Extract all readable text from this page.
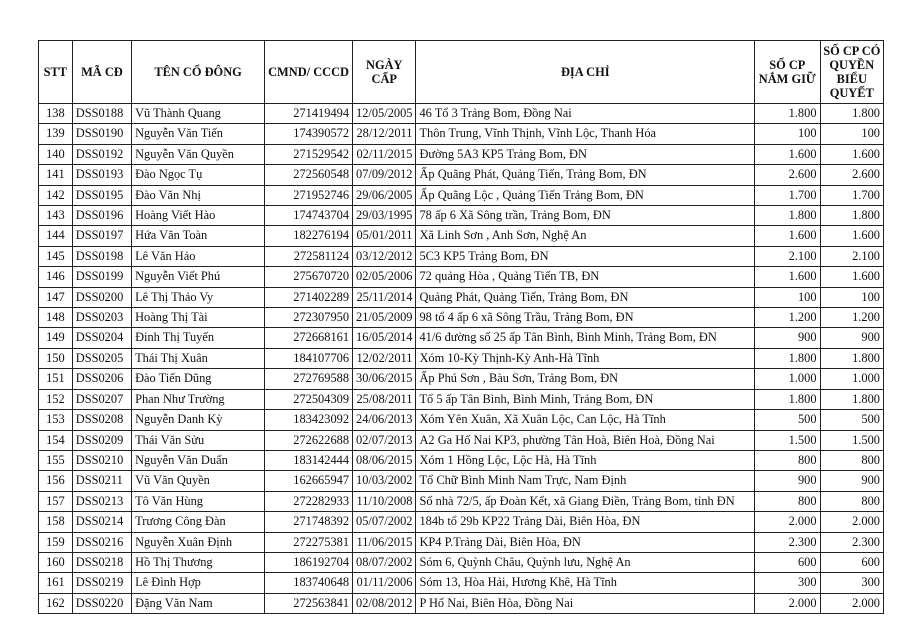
STT	MÃ CĐ	TÊN CỔ ĐÔNG	CMND/ CCCD	NGÀY CẤP	ĐỊA CHỈ	SỐ CP NẮM GIỮ	SỐ CP CÓ QUYỀN BIỂU QUYẾT
138	DSS0188	Vũ Thành Quang	271419494	12/05/2005	46 Tổ 3 Trảng Bom, Đồng Nai	1.800	1.800
139	DSS0190	Nguyễn Văn Tiến	174390572	28/12/2011	Thôn Trung, Vĩnh Thịnh, Vĩnh Lộc, Thanh Hóa	100	100
140	DSS0192	Nguyễn Văn Quyền	271529542	02/11/2015	Đường 5A3 KP5 Trảng Bom, ĐN	1.600	1.600
141	DSS0193	Đào Ngọc Tụ	272560548	07/09/2012	Ấp Quãng Phát, Quảng Tiến, Trảng Bom, ĐN	2.600	2.600
142	DSS0195	Đào Văn Nhị	271952746	29/06/2005	Ấp Quãng Lộc , Quảng Tiến Trảng Bom, ĐN	1.700	1.700
143	DSS0196	Hoàng Viết Hào	174743704	29/03/1995	78 ấp 6 Xã Sông trần, Trảng Bom, ĐN	1.800	1.800
144	DSS0197	Hứa Văn Toàn	182276194	05/01/2011	Xã Linh Sơn , Anh Sơn, Nghệ An	1.600	1.600
145	DSS0198	Lê Văn Hảo	272581124	03/12/2012	5C3 KP5 Trảng Bom, ĐN	2.100	2.100
146	DSS0199	Nguyễn Viết Phú	275670720	02/05/2006	72 quảng Hòa , Quảng Tiến TB, ĐN	1.600	1.600
147	DSS0200	Lê Thị Thảo Vy	271402289	25/11/2014	Quảng Phát, Quảng Tiến, Trảng Bom, ĐN	100	100
148	DSS0203	Hoàng Thị Tài	272307950	21/05/2009	98 tổ 4 ấp 6 xã Sông Trầu, Trảng Bom, ĐN	1.200	1.200
149	DSS0204	Đinh Thị Tuyến	272668161	16/05/2014	41/6 đường số 25 ấp Tân Bình, Bình Minh, Trảng Bom, ĐN	900	900
150	DSS0205	Thái Thị Xuân	184107706	12/02/2011	Xóm 10-Kỳ Thịnh-Kỳ Anh-Hà Tĩnh	1.800	1.800
151	DSS0206	Đào Tiến Dũng	272769588	30/06/2015	Ấp Phú Sơn , Bàu Sơn, Trảng Bom, ĐN	1.000	1.000
152	DSS0207	Phan Như Trường	272504309	25/08/2011	Tổ 5 ấp Tân Bình, Bình Minh, Trảng Bom, ĐN	1.800	1.800
153	DSS0208	Nguyễn Danh Kỳ	183423092	24/06/2013	Xóm Yên Xuân, Xã Xuân Lộc, Can Lộc, Hà Tĩnh	500	500
154	DSS0209	Thái Văn Sửu	272622688	02/07/2013	A2 Ga Hố Nai KP3, phường Tân Hoà, Biên Hoà, Đồng Nai	1.500	1.500
155	DSS0210	Nguyễn Văn Duẩn	183142444	08/06/2015	Xóm 1 Hồng Lộc, Lộc Hà, Hà Tĩnh	800	800
156	DSS0211	Vũ Văn Quyền	162665947	10/03/2002	Tổ Chữ Bình Minh Nam Trực, Nam Định	900	900
157	DSS0213	Tô Văn Hùng	272282933	11/10/2008	Số nhà 72/5, ấp Đoàn Kết, xã Giang Điền, Trảng Bom, tỉnh ĐN	800	800
158	DSS0214	Trương Công Đàn	271748392	05/07/2002	184b tổ 29b KP22 Trảng Dài, Biên Hòa, ĐN	2.000	2.000
159	DSS0216	Nguyễn Xuân Định	272275381	11/06/2015	KP4 P.Trảng Dài, Biên Hòa, ĐN	2.300	2.300
160	DSS0218	Hồ Thị Thương	186192704	08/07/2002	Sóm 6, Quỳnh Châu, Quỳnh lưu, Nghệ An	600	600
161	DSS0219	Lê Đình Hợp	183740648	01/11/2006	Sóm 13, Hòa Hải, Hương Khê, Hà Tĩnh	300	300
162	DSS0220	Đặng Văn Nam	272563841	02/08/2012	P Hố Nai, Biên Hòa, Đồng Nai	2.000	2.000
